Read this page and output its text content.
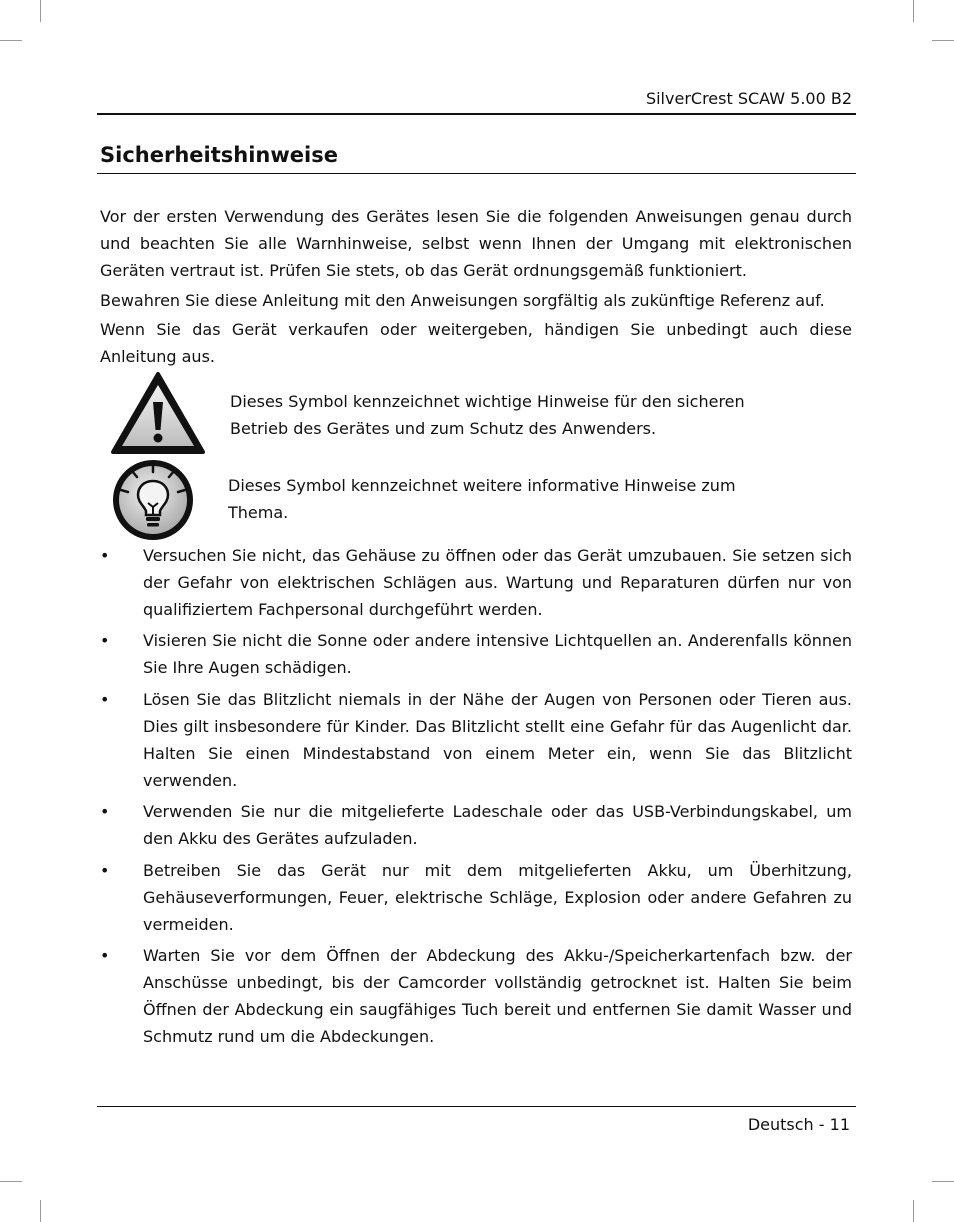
SilverCrest SCAW 5.00 B2
Sicherheitshinweise

Vor der ersten Verwendung des Gerätes lesen Sie die folgenden Anweisungen genau durch und beachten Sie alle Warnhinweise, selbst wenn Ihnen der Umgang mit elektronischen Geräten vertraut ist. Prüfen Sie stets, ob das Gerät ordnungsgemäß funktioniert.

Bewahren Sie diese Anleitung mit den Anweisungen sorgfältig als zukünftige Referenz auf.

Wenn Sie das Gerät verkaufen oder weitergeben, händigen Sie unbedingt auch diese Anleitung aus.

Dieses Symbol kennzeichnet wichtige Hinweise für den sicheren Betrieb des Gerätes und zum Schutz des Anwenders.

Dieses Symbol kennzeichnet weitere informative Hinweise zum Thema.

• Versuchen Sie nicht, das Gehäuse zu öffnen oder das Gerät umzubauen. Sie setzen sich der Gefahr von elektrischen Schlägen aus. Wartung und Reparaturen dürfen nur von qualifiziertem Fachpersonal durchgeführt werden.

• Visieren Sie nicht die Sonne oder andere intensive Lichtquellen an. Anderenfalls können Sie Ihre Augen schädigen.

• Lösen Sie das Blitzlicht niemals in der Nähe der Augen von Personen oder Tieren aus. Dies gilt insbesondere für Kinder. Das Blitzlicht stellt eine Gefahr für das Augenlicht dar. Halten Sie einen Mindestabstand von einem Meter ein, wenn Sie das Blitzlicht verwenden.

• Verwenden Sie nur die mitgelieferte Ladeschale oder das USB-Verbindungskabel, um den Akku des Gerätes aufzuladen.

• Betreiben Sie das Gerät nur mit dem mitgelieferten Akku, um Überhitzung, Gehäuseverformungen, Feuer, elektrische Schläge, Explosion oder andere Gefahren zu vermeiden.

• Warten Sie vor dem Öffnen der Abdeckung des Akku-/Speicherkartenfach bzw. der Anschüsse unbedingt, bis der Camcorder vollständig getrocknet ist. Halten Sie beim Öffnen der Abdeckung ein saugfähiges Tuch bereit und entfernen Sie damit Wasser und Schmutz rund um die Abdeckungen.

Deutsch - 11
